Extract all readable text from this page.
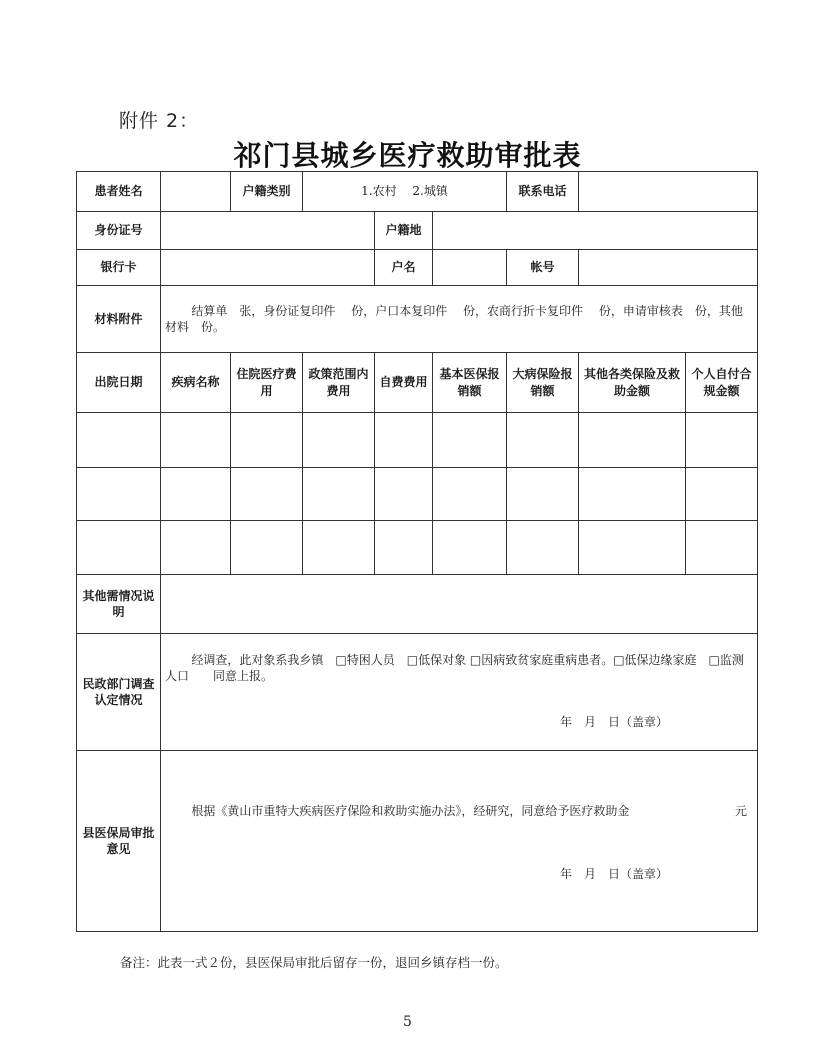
附件 2：
祁门县城乡医疗救助审批表
患者姓名		户籍类别	1.农村　 2.城镇			联系电话		
身份证号				户籍地				
银行卡				户名		帐号		
材料附件	结算单　张，身份证复印件　 份，户口本复印件　 份，农商行折卡复印件　 份，申请审核表　份，其他材料　份。							
出院日期	疾病名称	住院医疗费用	政策范围内费用	自费费用	基本医保报销额	大病保险报销额	其他各类保险及救助金额	个人自付合规金额

其他需情况说明								
民政部门调查认定情况	经调查，此对象系我乡镇　□特困人员　□低保对象 □因病致贫家庭重病患者。□低保边缘家庭　□监测人口　　同意上报。
年　月　日（盖章）							

县医保局审批意见	根据《黄山市重特大疾病医疗保险和救助实施办法》，经研究，同意给予医疗救助金 元
年　月　日（盖章）							
备注：此表一式２份，县医保局审批后留存一份，退回乡镇存档一份。
5
